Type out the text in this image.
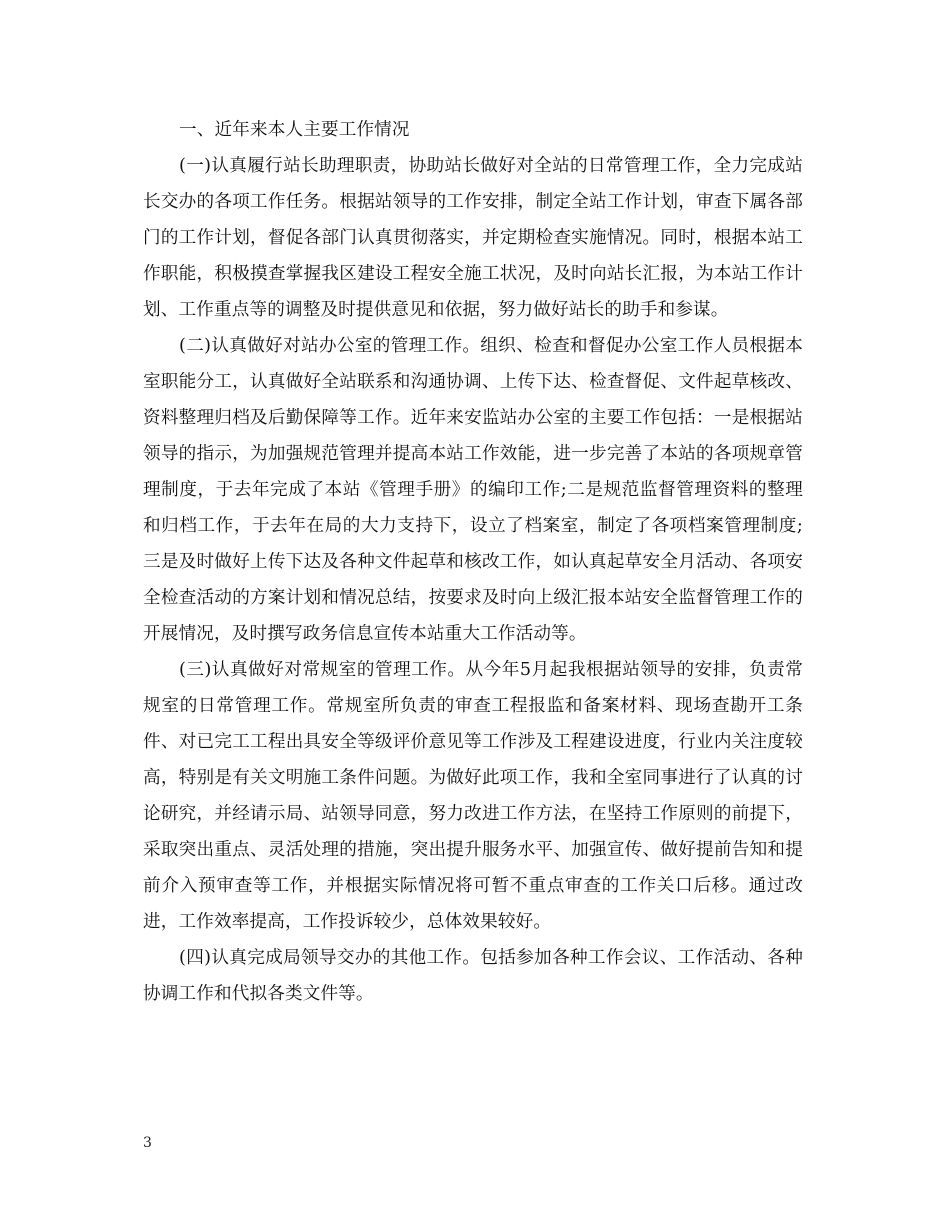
一、近年来本人主要工作情况

(一)认真履行站长助理职责，协助站长做好对全站的日常管理工作，全力完成站长交办的各项工作任务。根据站领导的工作安排，制定全站工作计划，审查下属各部门的工作计划，督促各部门认真贯彻落实，并定期检查实施情况。同时，根据本站工作职能，积极摸查掌握我区建设工程安全施工状况，及时向站长汇报，为本站工作计划、工作重点等的调整及时提供意见和依据，努力做好站长的助手和参谋。

(二)认真做好对站办公室的管理工作。组织、检查和督促办公室工作人员根据本室职能分工，认真做好全站联系和沟通协调、上传下达、检查督促、文件起草核改、资料整理归档及后勤保障等工作。近年来安监站办公室的主要工作包括：一是根据站领导的指示，为加强规范管理并提高本站工作效能，进一步完善了本站的各项规章管理制度，于去年完成了本站《管理手册》的编印工作;二是规范监督管理资料的整理和归档工作，于去年在局的大力支持下，设立了档案室，制定了各项档案管理制度;三是及时做好上传下达及各种文件起草和核改工作，如认真起草安全月活动、各项安全检查活动的方案计划和情况总结，按要求及时向上级汇报本站安全监督管理工作的开展情况，及时撰写政务信息宣传本站重大工作活动等。

(三)认真做好对常规室的管理工作。从今年5月起我根据站领导的安排，负责常规室的日常管理工作。常规室所负责的审查工程报监和备案材料、现场查勘开工条件、对已完工工程出具安全等级评价意见等工作涉及工程建设进度，行业内关注度较高，特别是有关文明施工条件问题。为做好此项工作，我和全室同事进行了认真的讨论研究，并经请示局、站领导同意，努力改进工作方法，在坚持工作原则的前提下，采取突出重点、灵活处理的措施，突出提升服务水平、加强宣传、做好提前告知和提前介入预审查等工作，并根据实际情况将可暂不重点审查的工作关口后移。通过改进，工作效率提高，工作投诉较少，总体效果较好。

(四)认真完成局领导交办的其他工作。包括参加各种工作会议、工作活动、各种协调工作和代拟各类文件等。

3
